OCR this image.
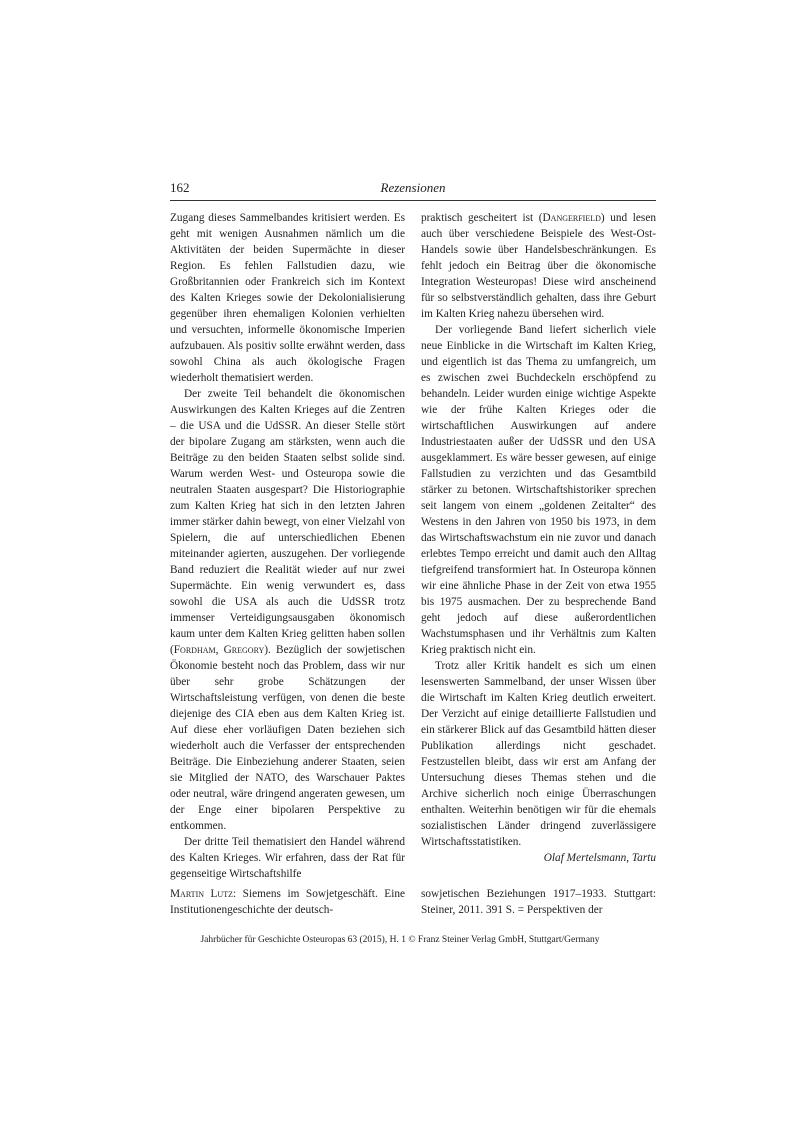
162	Rezensionen

Zugang dieses Sammelbandes kritisiert werden. Es geht mit wenigen Ausnahmen nämlich um die Aktivitäten der beiden Supermächte in dieser Region. Es fehlen Fallstudien dazu, wie Großbritannien oder Frankreich sich im Kontext des Kalten Krieges sowie der Dekolonialisierung gegenüber ihren ehemaligen Kolonien verhielten und versuchten, informelle ökonomische Imperien aufzubauen. Als positiv sollte erwähnt werden, dass sowohl China als auch ökologische Fragen wiederholt thematisiert werden.

Der zweite Teil behandelt die ökonomischen Auswirkungen des Kalten Krieges auf die Zentren – die USA und die UdSSR. An dieser Stelle stört der bipolare Zugang am stärksten, wenn auch die Beiträge zu den beiden Staaten selbst solide sind. Warum werden West- und Osteuropa sowie die neutralen Staaten ausgespart? Die Historiographie zum Kalten Krieg hat sich in den letzten Jahren immer stärker dahin bewegt, von einer Vielzahl von Spielern, die auf unterschiedlichen Ebenen miteinander agierten, auszugehen. Der vorliegende Band reduziert die Realität wieder auf nur zwei Supermächte. Ein wenig verwundert es, dass sowohl die USA als auch die UdSSR trotz immenser Verteidigungsausgaben ökonomisch kaum unter dem Kalten Krieg gelitten haben sollen (Fordham, Gregory). Bezüglich der sowjetischen Ökonomie besteht noch das Problem, dass wir nur über sehr grobe Schätzungen der Wirtschaftsleistung verfügen, von denen die beste diejenige des CIA eben aus dem Kalten Krieg ist. Auf diese eher vorläufigen Daten beziehen sich wiederholt auch die Verfasser der entsprechenden Beiträge. Die Einbeziehung anderer Staaten, seien sie Mitglied der NATO, des Warschauer Paktes oder neutral, wäre dringend angeraten gewesen, um der Enge einer bipolaren Perspektive zu entkommen.

Der dritte Teil thematisiert den Handel während des Kalten Krieges. Wir erfahren, dass der Rat für gegenseitige Wirtschaftshilfe

praktisch gescheitert ist (Dangerfield) und lesen auch über verschiedene Beispiele des West-Ost-Handels sowie über Handelsbeschränkungen. Es fehlt jedoch ein Beitrag über die ökonomische Integration Westeuropas! Diese wird anscheinend für so selbstverständlich gehalten, dass ihre Geburt im Kalten Krieg nahezu übersehen wird.

Der vorliegende Band liefert sicherlich viele neue Einblicke in die Wirtschaft im Kalten Krieg, und eigentlich ist das Thema zu umfangreich, um es zwischen zwei Buchdeckeln erschöpfend zu behandeln. Leider wurden einige wichtige Aspekte wie der frühe Kalten Krieges oder die wirtschaftlichen Auswirkungen auf andere Industriestaaten außer der UdSSR und den USA ausgeklammert. Es wäre besser gewesen, auf einige Fallstudien zu verzichten und das Gesamtbild stärker zu betonen. Wirtschaftshistoriker sprechen seit langem von einem „goldenen Zeitalter“ des Westens in den Jahren von 1950 bis 1973, in dem das Wirtschaftswachstum ein nie zuvor und danach erlebtes Tempo erreicht und damit auch den Alltag tiefgreifend transformiert hat. In Osteuropa können wir eine ähnliche Phase in der Zeit von etwa 1955 bis 1975 ausmachen. Der zu besprechende Band geht jedoch auf diese außerordentlichen Wachstumsphasen und ihr Verhältnis zum Kalten Krieg praktisch nicht ein.

Trotz aller Kritik handelt es sich um einen lesenswerten Sammelband, der unser Wissen über die Wirtschaft im Kalten Krieg deutlich erweitert. Der Verzicht auf einige detaillierte Fallstudien und ein stärkerer Blick auf das Gesamtbild hätten dieser Publikation allerdings nicht geschadet. Festzustellen bleibt, dass wir erst am Anfang der Untersuchung dieses Themas stehen und die Archive sicherlich noch einige Überraschungen enthalten. Weiterhin benötigen wir für die ehemals sozialistischen Länder dringend zuverlässigere Wirtschaftsstatistiken.

Olaf Mertelsmann, Tartu

Martin Lutz: Siemens im Sowjetgeschäft. Eine Institutionengeschichte der deutsch-
sowjetischen Beziehungen 1917–1933. Stuttgart: Steiner, 2011. 391 S. = Perspektiven der
Jahrbücher für Geschichte Osteuropas 63 (2015), H. 1 © Franz Steiner Verlag GmbH, Stuttgart/Germany
